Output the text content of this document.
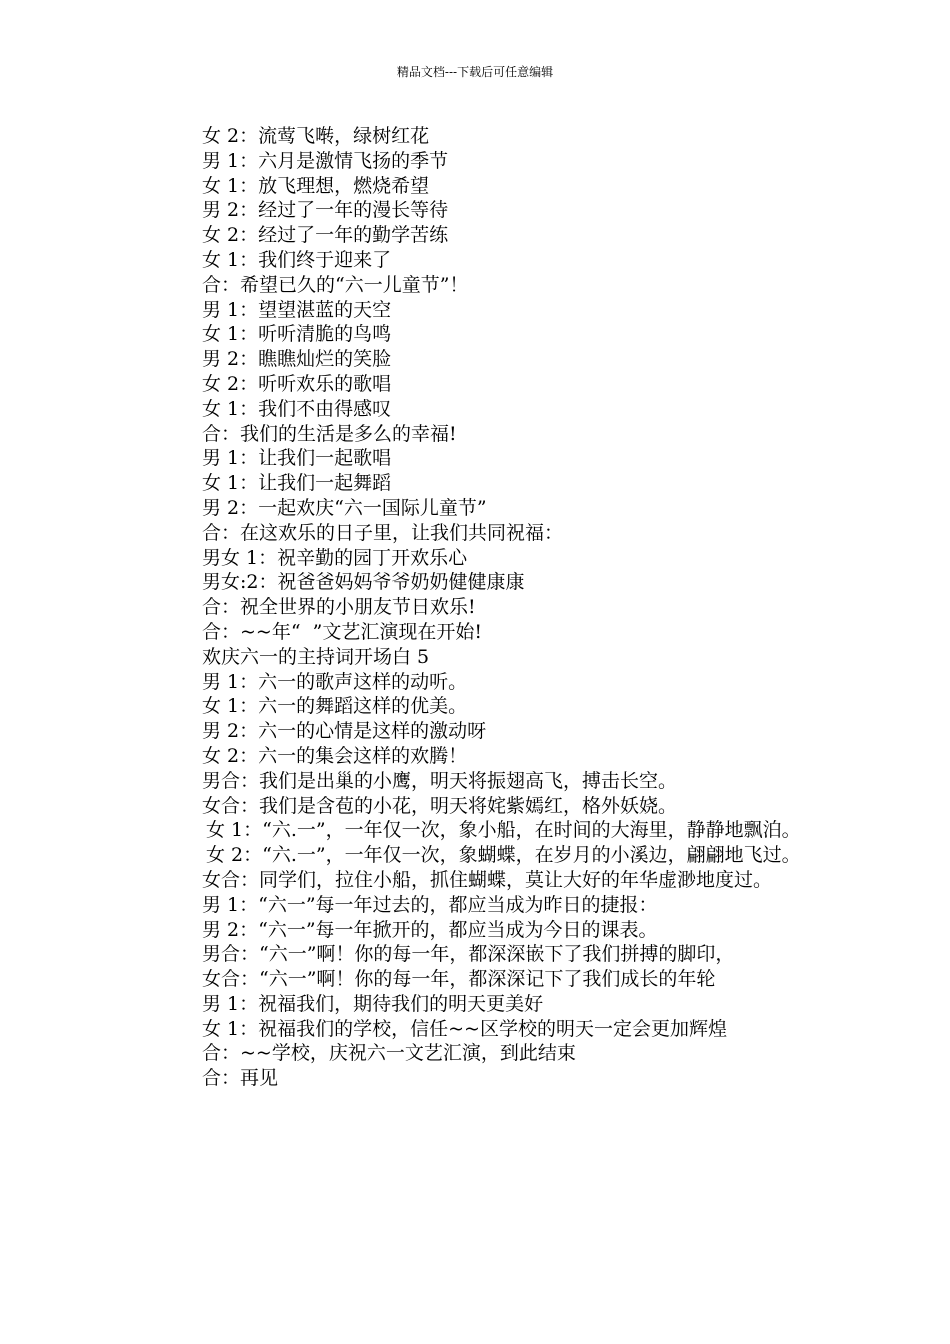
精品文档---下载后可任意编辑

女 2：流莺飞啭，绿树红花

男 1：六月是激情飞扬的季节

女 1：放飞理想，燃烧希望

男 2：经过了一年的漫长等待

女 2：经过了一年的勤学苦练

女 1：我们终于迎来了

合：希望已久的“六一儿童节”！

男 1：望望湛蓝的天空

女 1：听听清脆的鸟鸣

男 2：瞧瞧灿烂的笑脸

女 2：听听欢乐的歌唱

女 1：我们不由得感叹

合：我们的生活是多么的幸福!

男 1：让我们一起歌唱

女 1：让我们一起舞蹈

男 2：一起欢庆“六一国际儿童节”

合：在这欢乐的日子里，让我们共同祝福：

男女 1：祝辛勤的园丁开欢乐心

男女:2：祝爸爸妈妈爷爷奶奶健健康康

合：祝全世界的小朋友节日欢乐!

合：~~年“  ”文艺汇演现在开始!

欢庆六一的主持词开场白 5

男 1：六一的歌声这样的动听。

女 1：六一的舞蹈这样的优美。

男 2：六一的心情是这样的激动呀

女 2：六一的集会这样的欢腾！

男合：我们是出巢的小鹰，明天将振翅高飞，搏击长空。

女合：我们是含苞的小花，明天将姹紫嫣红，格外妖娆。

女 1：“六.一”，一年仅一次，象小船，在时间的大海里，静静地飘泊。

女 2：“六.一”，一年仅一次，象蝴蝶，在岁月的小溪边，翩翩地飞过。

女合：同学们，拉住小船，抓住蝴蝶，莫让大好的年华虚渺地度过。

男 1：“六一”每一年过去的，都应当成为昨日的捷报：

男 2：“六一”每一年掀开的，都应当成为今日的课表。

男合：“六一”啊！你的每一年，都深深嵌下了我们拼搏的脚印，

女合：“六一”啊！你的每一年，都深深记下了我们成长的年轮

男 1：祝福我们，期待我们的明天更美好

女 1：祝福我们的学校，信任~~区学校的明天一定会更加辉煌

合：~~学校，庆祝六一文艺汇演，到此结束

合：再见
